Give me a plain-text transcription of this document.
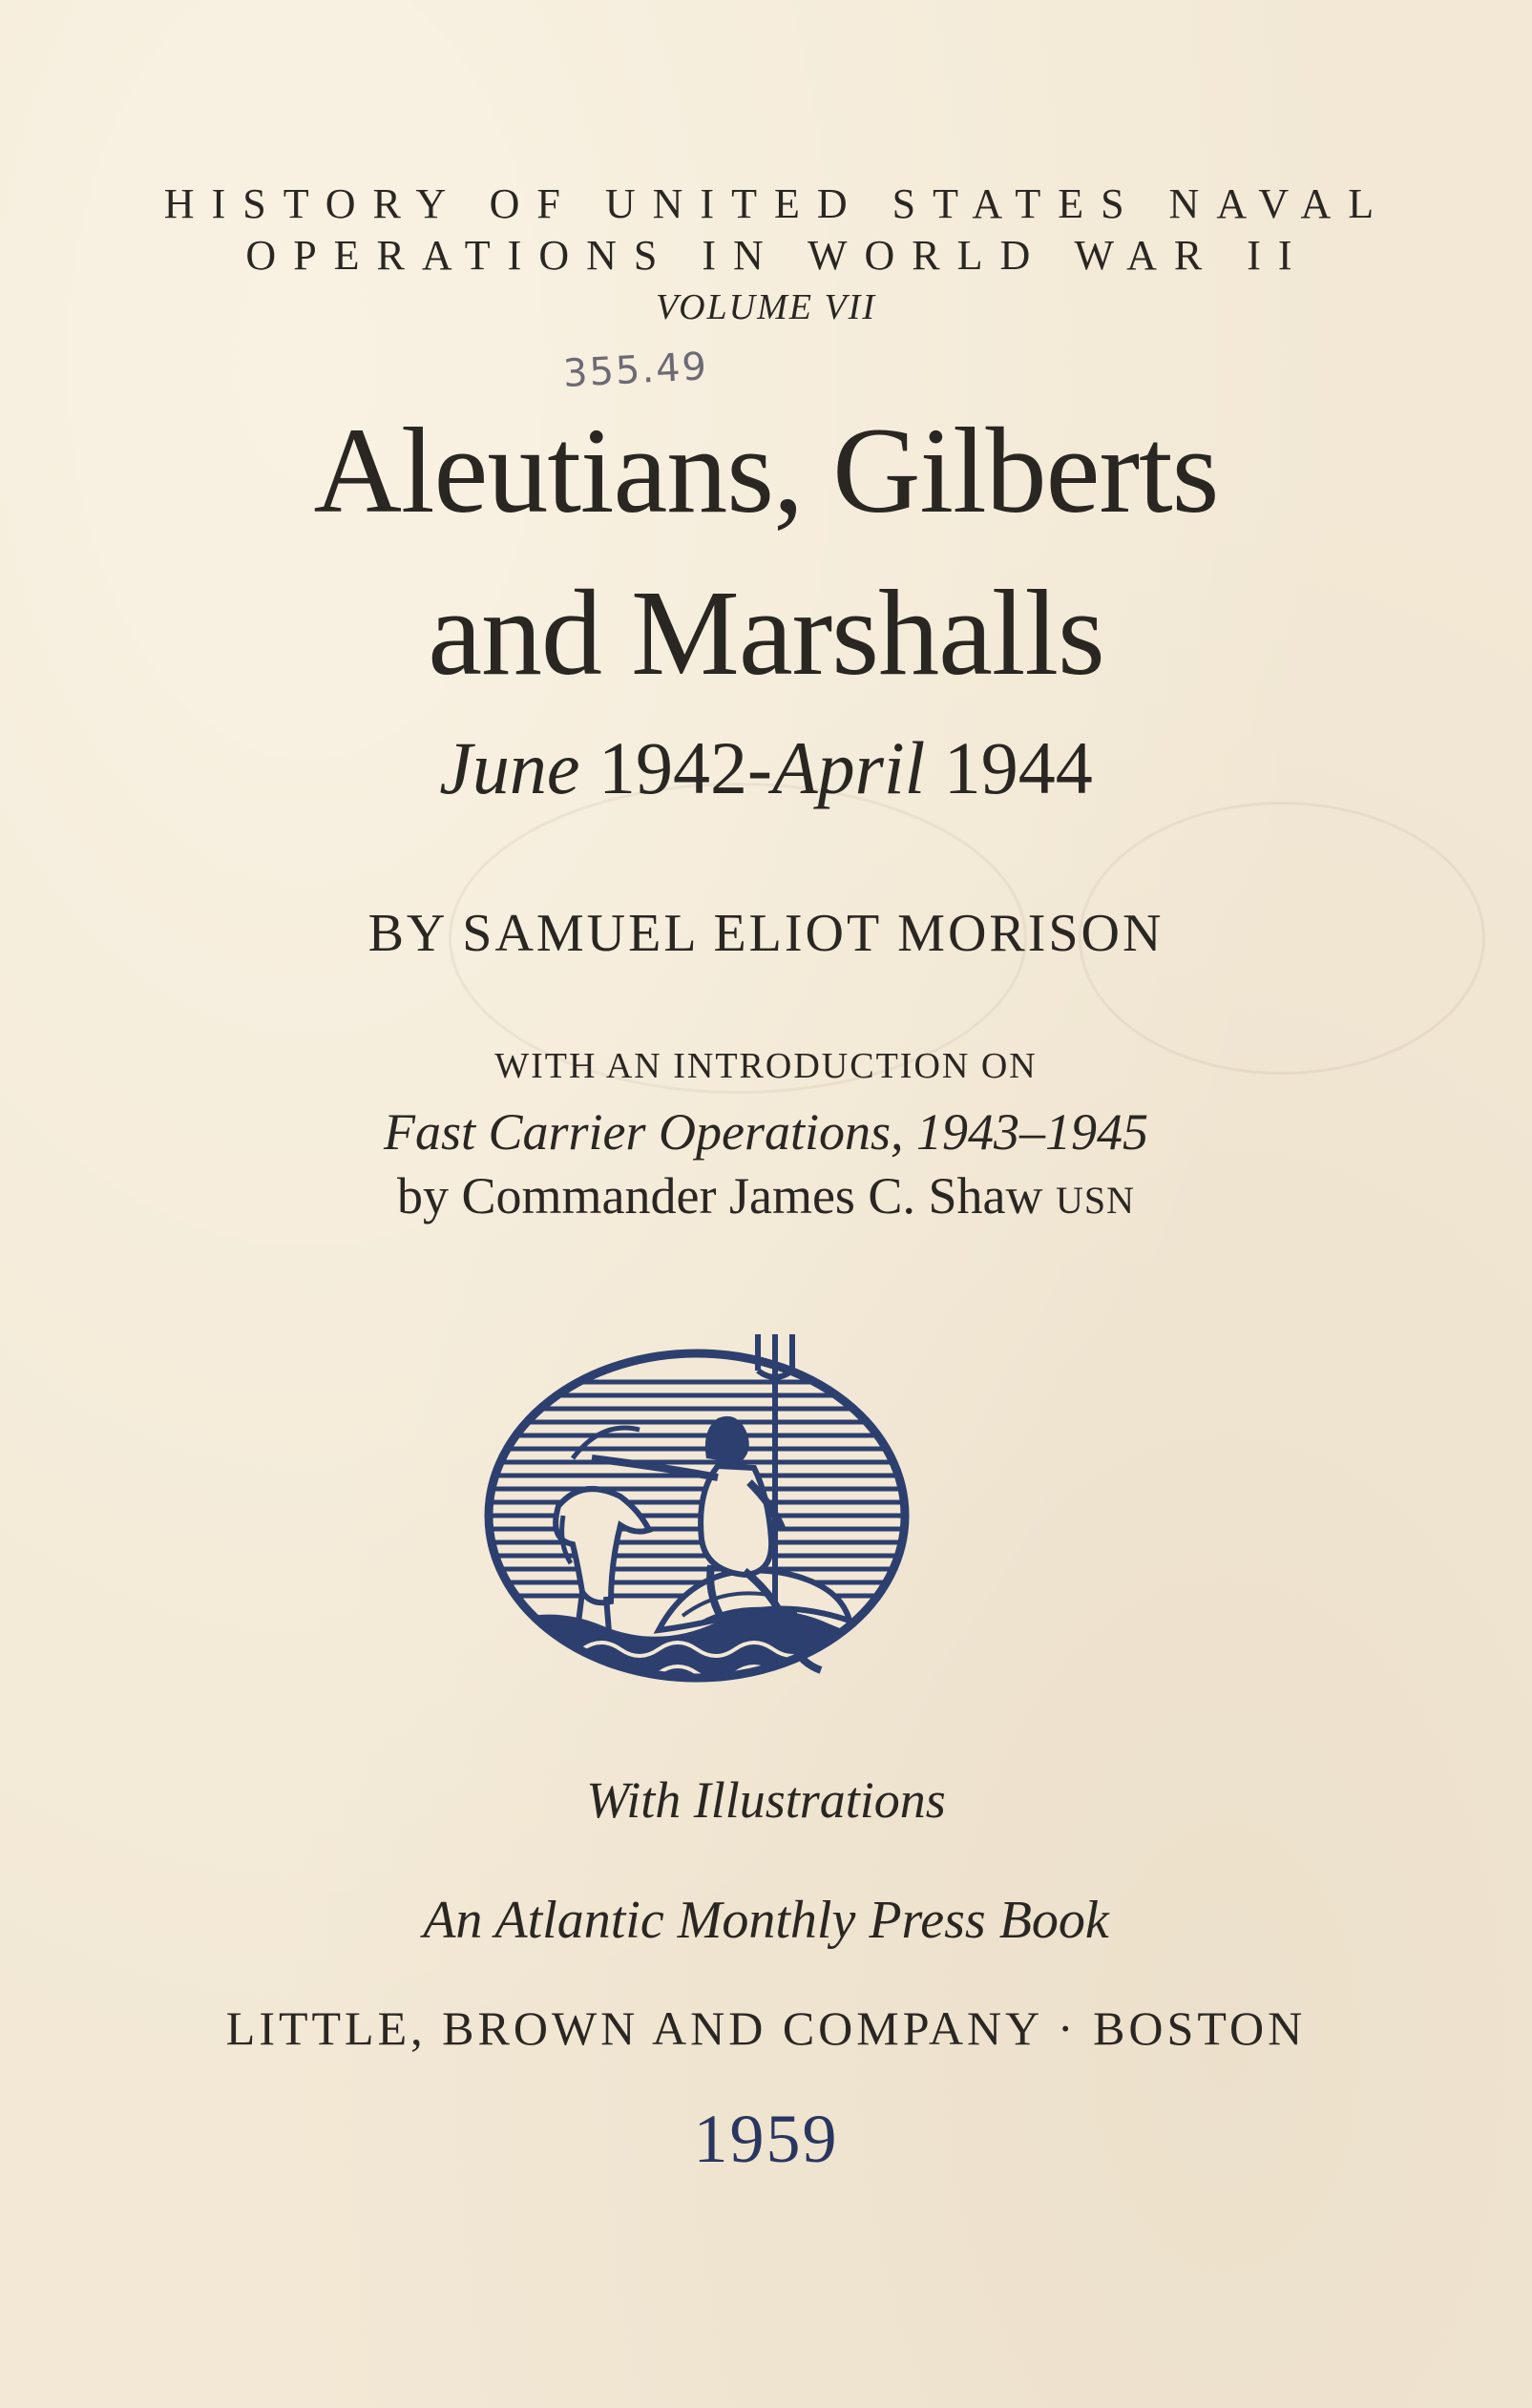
HISTORY OF UNITED STATES NAVAL
OPERATIONS IN WORLD WAR II
VOLUME VII
355.49
Aleutians, Gilberts
and Marshalls
June 1942-April 1944
BY SAMUEL ELIOT MORISON
WITH AN INTRODUCTION ON
Fast Carrier Operations, 1943–1945
by Commander James C. Shaw USN
With Illustrations
An Atlantic Monthly Press Book
LITTLE, BROWN AND COMPANY · BOSTON
1959
